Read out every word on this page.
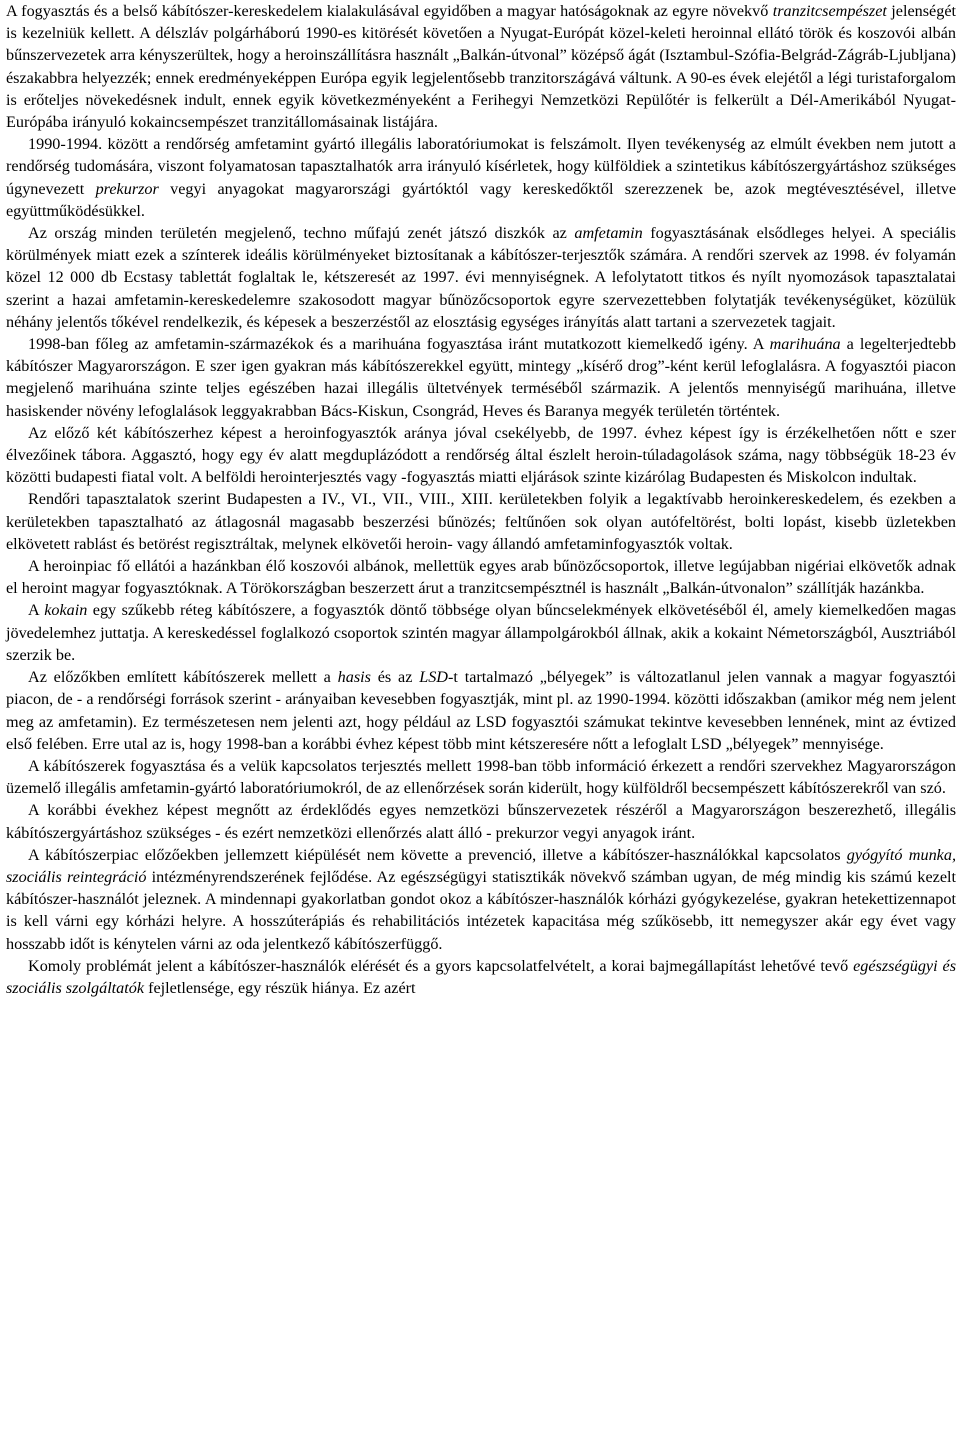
A fogyasztás és a belső kábítószer-kereskedelem kialakulásával egyidőben a magyar hatóságoknak az egyre növekvő tranzitcsempészet jelenségét is kezelniük kellett. A délszláv polgárháború 1990-es kitörését követően a Nyugat-Európát közel-keleti heroinnal ellátó török és koszovói albán bűnszervezetek arra kényszerültek, hogy a heroinszállításra használt „Balkán-útvonal” középső ágát (Isztambul-Szófia-Belgrád-Zágráb-Ljubljana) északabbra helyezzék; ennek eredményeképpen Európa egyik legjelentősebb tranzitországává váltunk. A 90-es évek elejétől a légi turistaforgalom is erőteljes növekedésnek indult, ennek egyik következményeként a Ferihegyi Nemzetközi Repülőtér is felkerült a Dél-Amerikából Nyugat-Európába irányuló kokaincsempészet tranzitállomásainak listájára.

1990-1994. között a rendőrség amfetamint gyártó illegális laboratóriumokat is felszámolt. Ilyen tevékenység az elmúlt években nem jutott a rendőrség tudomására, viszont folyamatosan tapasztalhatók arra irányuló kísérletek, hogy külföldiek a szintetikus kábítószergyártáshoz szükséges úgynevezett prekurzor vegyi anyagokat magyarországi gyártóktól vagy kereskedőktől szerezzenek be, azok megtévesztésével, illetve együttműködésükkel.

Az ország minden területén megjelenő, techno műfajú zenét játszó diszkók az amfetamin fogyasztásának elsődleges helyei. A speciális körülmények miatt ezek a színterek ideális körülményeket biztosítanak a kábítószer-terjesztők számára. A rendőri szervek az 1998. év folyamán közel 12 000 db Ecstasy tablettát foglaltak le, kétszeresét az 1997. évi mennyiségnek. A lefolytatott titkos és nyílt nyomozások tapasztalatai szerint a hazai amfetamin-kereskedelemre szakosodott magyar bűnözőcsoportok egyre szervezettebben folytatják tevékenységüket, közülük néhány jelentős tőkével rendelkezik, és képesek a beszerzéstől az elosztásig egységes irányítás alatt tartani a szervezetek tagjait.

1998-ban főleg az amfetamin-származékok és a marihuána fogyasztása iránt mutatkozott kiemelkedő igény. A marihuána a legelterjedtebb kábítószer Magyarországon. E szer igen gyakran más kábítószerekkel együtt, mintegy „kísérő drog”-ként kerül lefoglalásra. A fogyasztói piacon megjelenő marihuána szinte teljes egészében hazai illegális ültetvények terméséből származik. A jelentős mennyiségű marihuána, illetve hasiskender növény lefoglalások leggyakrabban Bács-Kiskun, Csongrád, Heves és Baranya megyék területén történtek.

Az előző két kábítószerhez képest a heroinfogyasztók aránya jóval csekélyebb, de 1997. évhez képest így is érzékelhetően nőtt e szer élvezőinek tábora. Aggasztó, hogy egy év alatt megduplázódott a rendőrség által észlelt heroin-túladagolások száma, nagy többségük 18-23 év közötti budapesti fiatal volt. A belföldi herointerjesztés vagy -fogyasztás miatti eljárások szinte kizárólag Budapesten és Miskolcon indultak.

Rendőri tapasztalatok szerint Budapesten a IV., VI., VII., VIII., XIII. kerületekben folyik a legaktívabb heroinkereskedelem, és ezekben a kerületekben tapasztalható az átlagosnál magasabb beszerzési bűnözés; feltűnően sok olyan autófeltörést, bolti lopást, kisebb üzletekben elkövetett rablást és betörést regisztráltak, melynek elkövetői heroin- vagy állandó amfetaminfogyasztók voltak.

A heroinpiac fő ellátói a hazánkban élő koszovói albánok, mellettük egyes arab bűnözőcsoportok, illetve legújabban nigériai elkövetők adnak el heroint magyar fogyasztóknak. A Törökországban beszerzett árut a tranzitcsempésztnél is használt „Balkán-útvonalon” szállítják hazánkba.

A kokain egy szűkebb réteg kábítószere, a fogyasztók döntő többsége olyan bűncselekmények elkövetéséből él, amely kiemelkedően magas jövedelemhez juttatja. A kereskedéssel foglalkozó csoportok szintén magyar állampolgárokból állnak, akik a kokaint Németországból, Ausztriából szerzik be.

Az előzőkben említett kábítószerek mellett a hasis és az LSD-t tartalmazó „bélyegek” is változatlanul jelen vannak a magyar fogyasztói piacon, de - a rendőrségi források szerint - arányaiban kevesebben fogyasztják, mint pl. az 1990-1994. közötti időszakban (amikor még nem jelent meg az amfetamin). Ez természetesen nem jelenti azt, hogy például az LSD fogyasztói számukat tekintve kevesebben lennének, mint az évtized első felében. Erre utal az is, hogy 1998-ban a korábbi évhez képest több mint kétszeresére nőtt a lefoglalt LSD „bélyegek” mennyisége.

A kábítószerek fogyasztása és a velük kapcsolatos terjesztés mellett 1998-ban több információ érkezett a rendőri szervekhez Magyarországon üzemelő illegális amfetamin-gyártó laboratóriumokról, de az ellenőrzések során kiderült, hogy külföldről becsempészett kábítószerekről van szó.

A korábbi évekhez képest megnőtt az érdeklődés egyes nemzetközi bűnszervezetek részéről a Magyarországon beszerezhető, illegális kábítószergyártáshoz szükséges - és ezért nemzetközi ellenőrzés alatt álló - prekurzor vegyi anyagok iránt.

A kábítószerpiac előzőekben jellemzett kiépülését nem követte a prevenció, illetve a kábítószer-használókkal kapcsolatos gyógyító munka, szociális reintegráció intézményrendszerének fejlődése. Az egészségügyi statisztikák növekvő számban ugyan, de még mindig kis számú kezelt kábítószer-használót jeleznek. A mindennapi gyakorlatban gondot okoz a kábítószer-használók kórházi gyógykezelése, gyakran hetekettizennapot is kell várni egy kórházi helyre. A hosszúterápiás és rehabilitációs intézetek kapacitása még szűkösebb, itt nemegyszer akár egy évet vagy hosszabb időt is kénytelen várni az oda jelentkező kábítószerfüggő.

Komoly problémát jelent a kábítószer-használók elérését és a gyors kapcsolatfelvételt, a korai bajmegállapítást lehetővé tevő egészségügyi és szociális szolgáltatók fejletlensége, egy részük hiánya. Ez azért
